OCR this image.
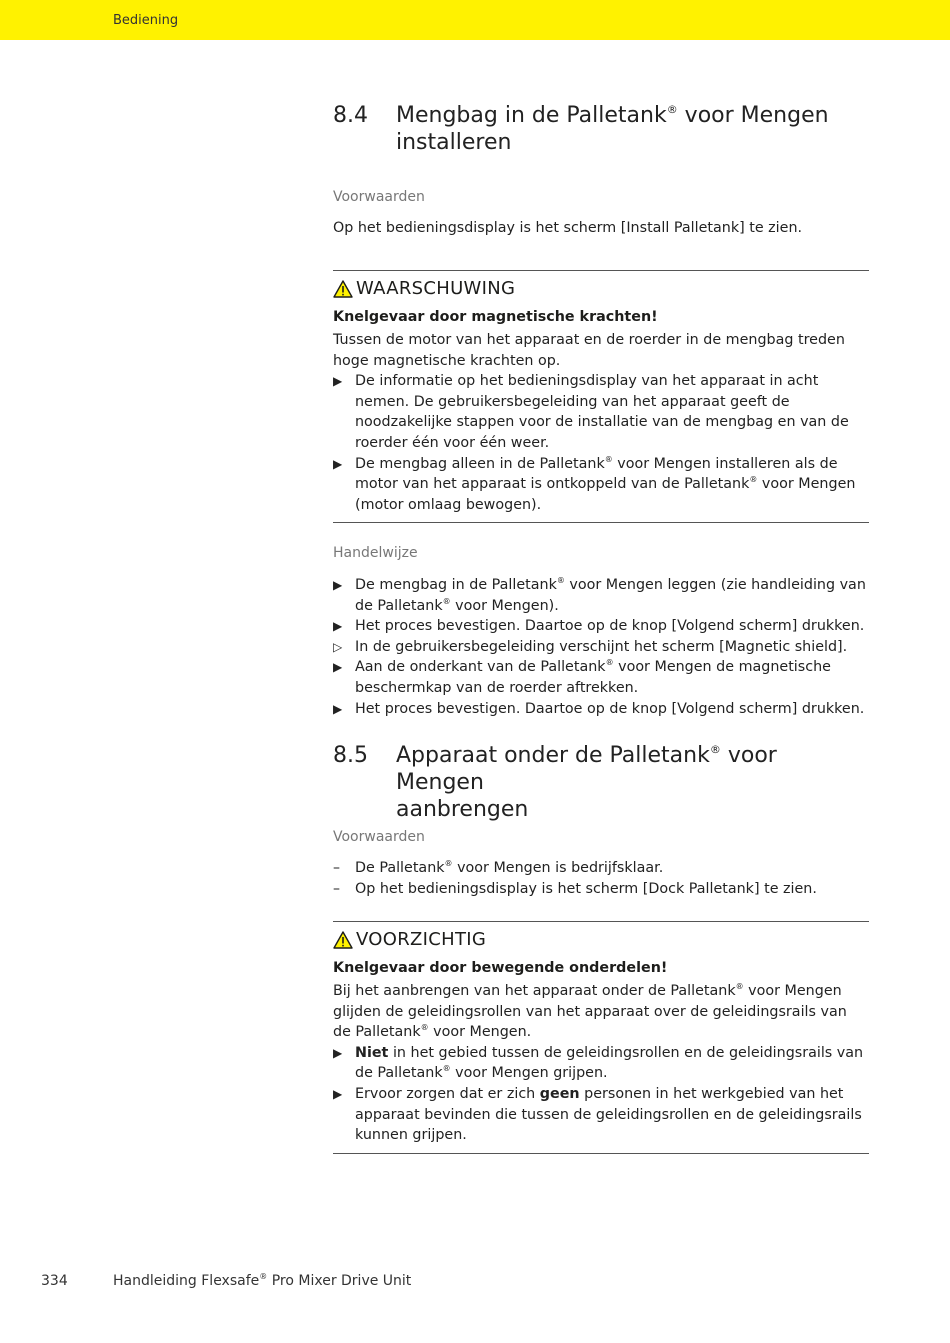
Bediening
8.4	Mengbag in de Palletank® voor Mengen
installeren
Voorwaarden
Op het bedieningsdisplay is het scherm [Install Palletank] te zien.
WAARSCHUWING
Knelgevaar door magnetische krachten!
Tussen de motor van het apparaat en de roerder in de mengbag treden hoge magnetische krachten op.
▶ De informatie op het bedieningsdisplay van het apparaat in acht nemen. De gebruikersbegeleiding van het apparaat geeft de noodzakelijke stappen voor de installatie van de mengbag en van de roerder één voor één weer.
▶ De mengbag alleen in de Palletank® voor Mengen installeren als de motor van het apparaat is ontkoppeld van de Palletank® voor Mengen (motor omlaag bewogen).
Handelwijze
▶ De mengbag in de Palletank® voor Mengen leggen (zie handleiding van de Palletank® voor Mengen).
▶ Het proces bevestigen. Daartoe op de knop [Volgend scherm] drukken.
▷ In de gebruikersbegeleiding verschijnt het scherm [Magnetic shield].
▶ Aan de onderkant van de Palletank® voor Mengen de magnetische beschermkap van de roerder aftrekken.
▶ Het proces bevestigen. Daartoe op de knop [Volgend scherm] drukken.
8.5	Apparaat onder de Palletank® voor Mengen
aanbrengen
Voorwaarden
–	De Palletank® voor Mengen is bedrijfsklaar.
–	Op het bedieningsdisplay is het scherm [Dock Palletank] te zien.
VOORZICHTIG
Knelgevaar door bewegende onderdelen!
Bij het aanbrengen van het apparaat onder de Palletank® voor Mengen glijden de geleidingsrollen van het apparaat over de geleidingsrails van de Palletank® voor Mengen.
▶ Niet in het gebied tussen de geleidingsrollen en de geleidingsrails van de Palletank® voor Mengen grijpen.
▶ Ervoor zorgen dat er zich geen personen in het werkgebied van het apparaat bevinden die tussen de geleidingsrollen en de geleidingsrails kunnen grijpen.
334	Handleiding Flexsafe® Pro Mixer Drive Unit
